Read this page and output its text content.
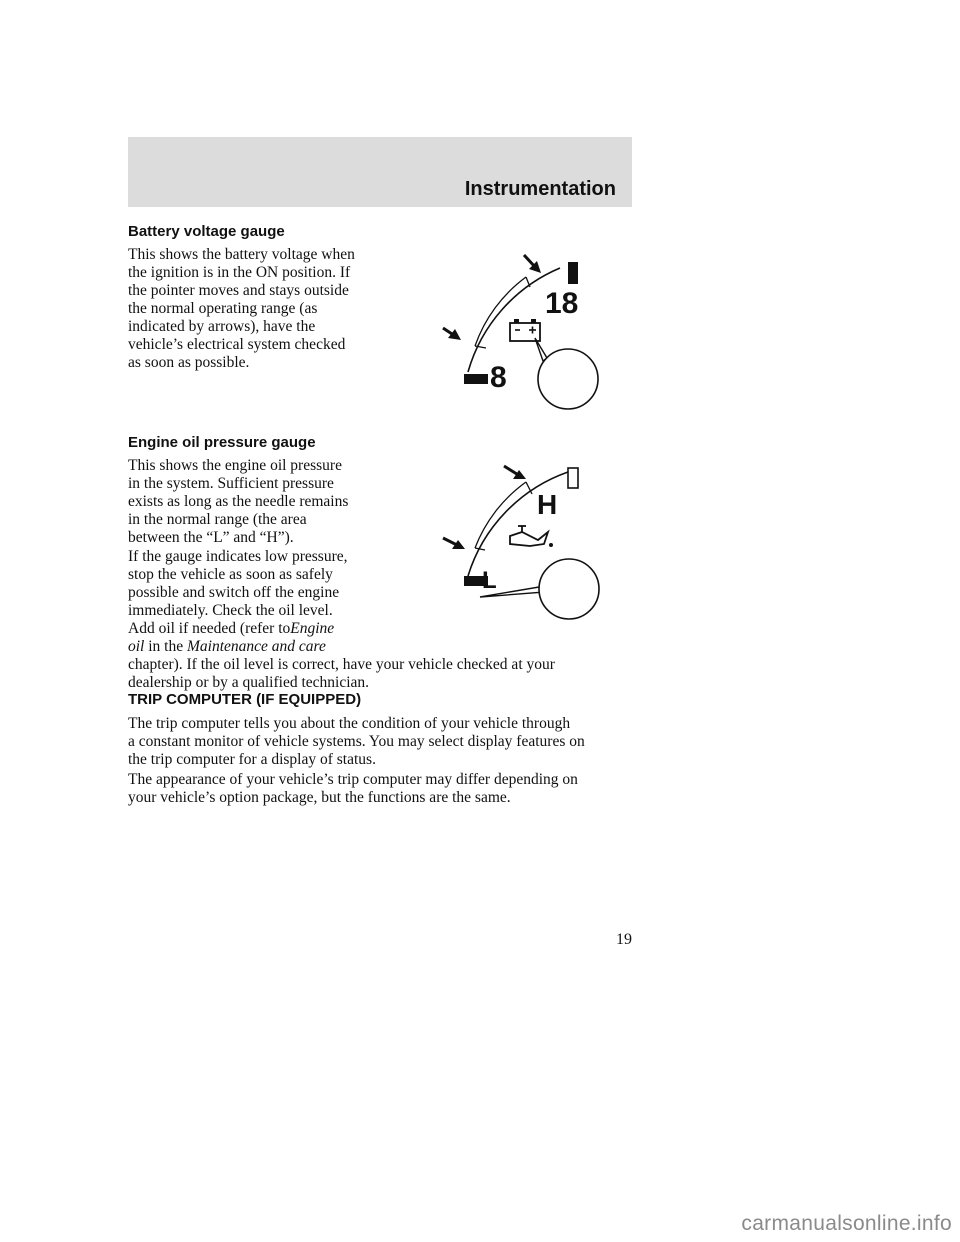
Instrumentation
Battery voltage gauge

This shows the battery voltage when
the ignition is in the ON position. If
the pointer moves and stays outside
the normal operating range (as
indicated by arrows), have the
vehicle’s electrical system checked
as soon as possible.

18
8
Engine oil pressure gauge

This shows the engine oil pressure
in the system. Sufficient pressure
exists as long as the needle remains
in the normal range (the area
between the “L” and “H”).

If the gauge indicates low pressure,
stop the vehicle as soon as safely
possible and switch off the engine
immediately. Check the oil level.
Add oil if needed (refer toEngine
oil in the Maintenance and care
chapter). If the oil level is correct, have your vehicle checked at your
dealership or by a qualified technician.

H
L
TRIP COMPUTER (IF EQUIPPED)

The trip computer tells you about the condition of your vehicle through
a constant monitor of vehicle systems. You may select display features on
the trip computer for a display of status.

The appearance of your vehicle’s trip computer may differ depending on
your vehicle’s option package, but the functions are the same.

19
carmanualsonline.info
